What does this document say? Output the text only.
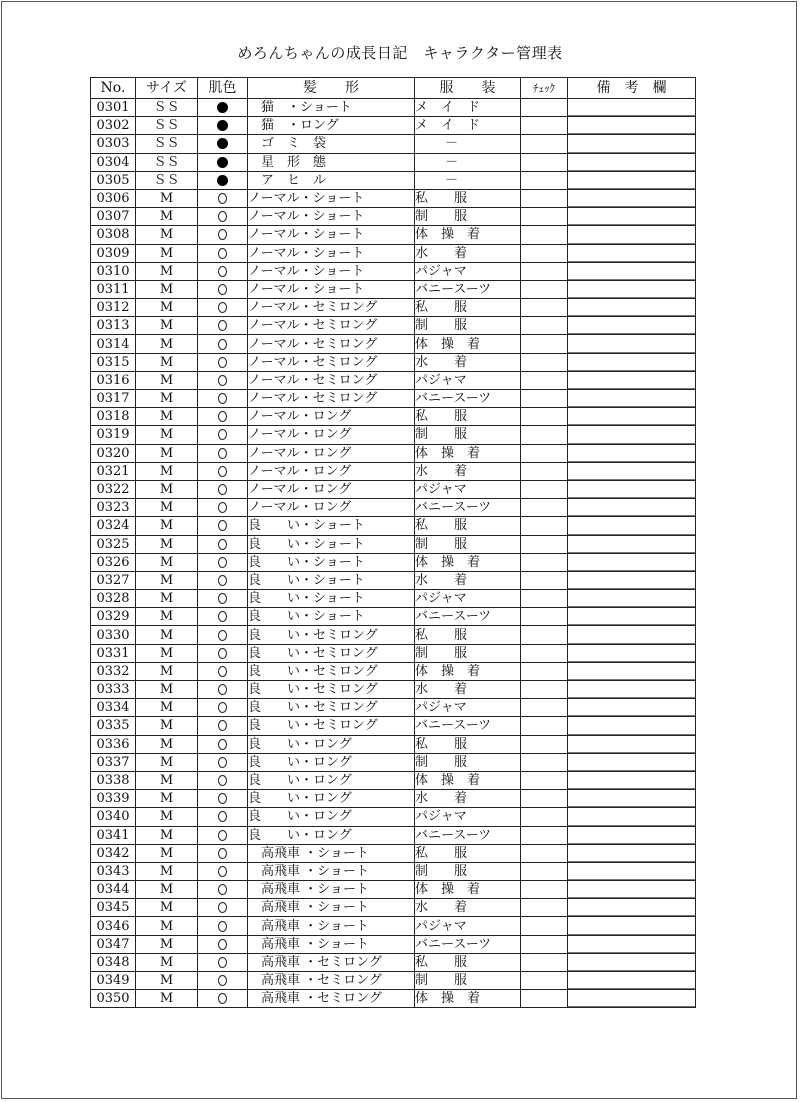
めろんちゃんの成長日記　キャラクター管理表
No.	サイズ	肌色	髪　　形	服　　装	ﾁｪｯｸ	備　考　欄
0301	ＳＳ		　猫　・ショート	メ　イ　ド		
0302	ＳＳ		　猫　・ロング	メ　イ　ド		
0303	ＳＳ		　ゴ　ミ　袋	　　 －		
0304	ＳＳ		　星　形　態	　　 －		
0305	ＳＳ		　ア　ヒ　ル	　　 －		
0306	M		ノーマル・ショート	私　　服		
0307	M		ノーマル・ショート	制　　服		
0308	M		ノーマル・ショート	体　操　着		
0309	M		ノーマル・ショート	水　　着		
0310	M		ノーマル・ショート	パジャマ		
0311	M		ノーマル・ショート	バニースーツ		
0312	M		ノーマル・セミロング	私　　服		
0313	M		ノーマル・セミロング	制　　服		
0314	M		ノーマル・セミロング	体　操　着		
0315	M		ノーマル・セミロング	水　　着		
0316	M		ノーマル・セミロング	パジャマ		
0317	M		ノーマル・セミロング	バニースーツ		
0318	M		ノーマル・ロング	私　　服		
0319	M		ノーマル・ロング	制　　服		
0320	M		ノーマル・ロング	体　操　着		
0321	M		ノーマル・ロング	水　　着		
0322	M		ノーマル・ロング	パジャマ		
0323	M		ノーマル・ロング	バニースーツ		
0324	M		良　　い・ショート	私　　服		
0325	M		良　　い・ショート	制　　服		
0326	M		良　　い・ショート	体　操　着		
0327	M		良　　い・ショート	水　　着		
0328	M		良　　い・ショート	パジャマ		
0329	M		良　　い・ショート	バニースーツ		
0330	M		良　　い・セミロング	私　　服		
0331	M		良　　い・セミロング	制　　服		
0332	M		良　　い・セミロング	体　操　着		
0333	M		良　　い・セミロング	水　　着		
0334	M		良　　い・セミロング	パジャマ		
0335	M		良　　い・セミロング	バニースーツ		
0336	M		良　　い・ロング	私　　服		
0337	M		良　　い・ロング	制　　服		
0338	M		良　　い・ロング	体　操　着		
0339	M		良　　い・ロング	水　　着		
0340	M		良　　い・ロング	パジャマ		
0341	M		良　　い・ロング	バニースーツ		
0342	M		　高飛車 ・ショート	私　　服		
0343	M		　高飛車 ・ショート	制　　服		
0344	M		　高飛車 ・ショート	体　操　着		
0345	M		　高飛車 ・ショート	水　　着		
0346	M		　高飛車 ・ショート	パジャマ		
0347	M		　高飛車 ・ショート	バニースーツ		
0348	M		　高飛車 ・セミロング	私　　服		
0349	M		　高飛車 ・セミロング	制　　服		
0350	M		　高飛車 ・セミロング	体　操　着		
